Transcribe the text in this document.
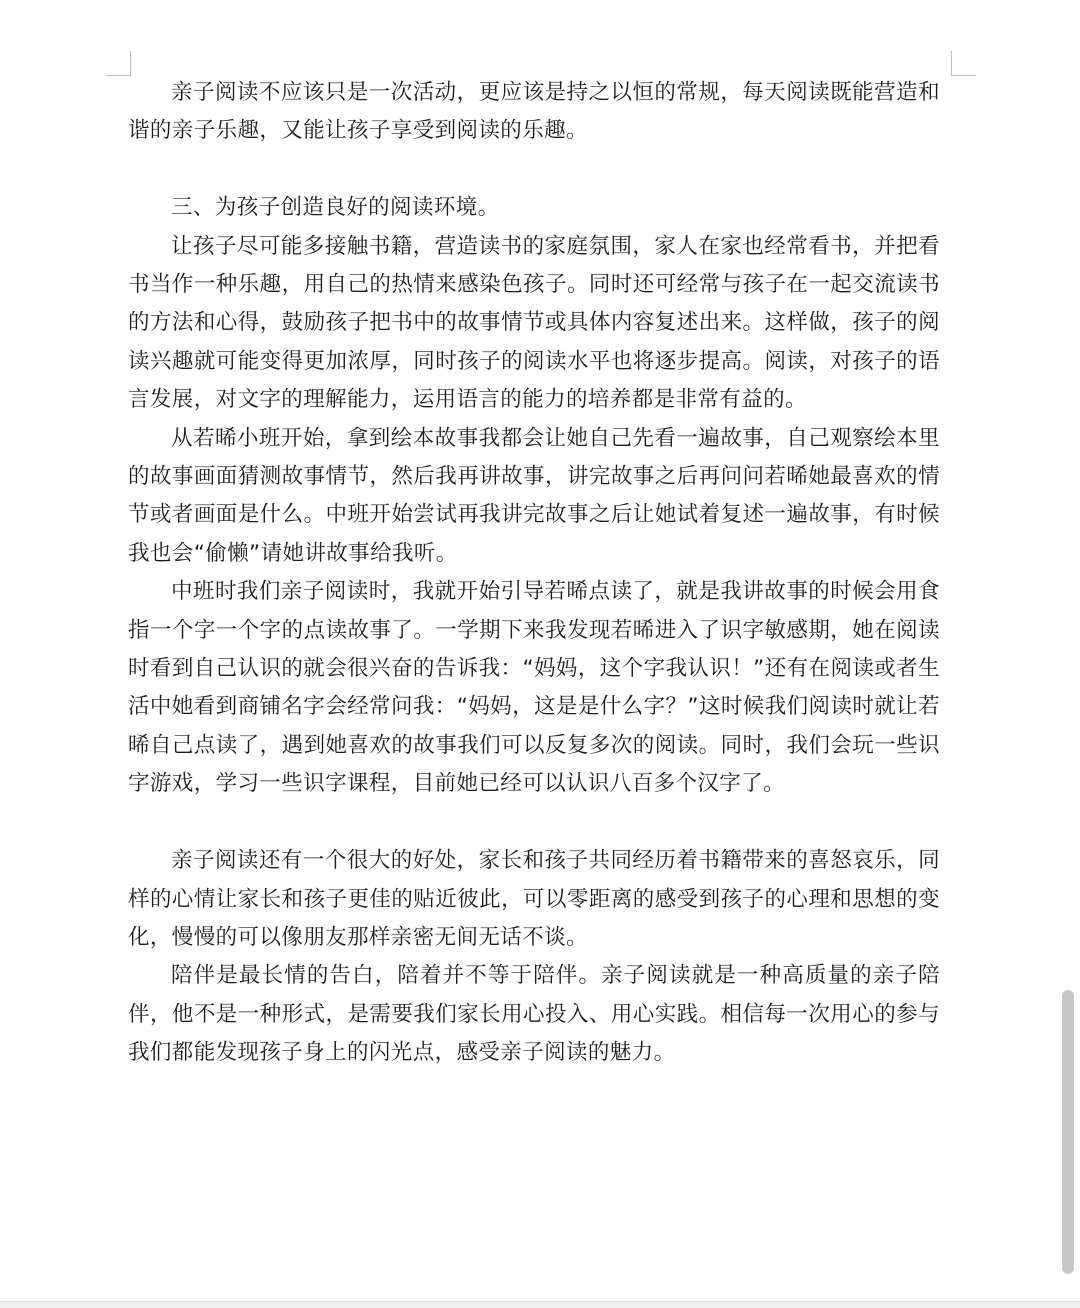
亲子阅读不应该只是一次活动，更应该是持之以恒的常规，每天阅读既能营造和谐的亲子乐趣，又能让孩子享受到阅读的乐趣。

三、为孩子创造良好的阅读环境。

让孩子尽可能多接触书籍，营造读书的家庭氛围，家人在家也经常看书，并把看书当作一种乐趣，用自己的热情来感染色孩子。同时还可经常与孩子在一起交流读书的方法和心得，鼓励孩子把书中的故事情节或具体内容复述出来。这样做，孩子的阅读兴趣就可能变得更加浓厚，同时孩子的阅读水平也将逐步提高。阅读，对孩子的语言发展，对文字的理解能力，运用语言的能力的培养都是非常有益的。

从若晞小班开始，拿到绘本故事我都会让她自己先看一遍故事，自己观察绘本里的故事画面猜测故事情节，然后我再讲故事，讲完故事之后再问问若晞她最喜欢的情节或者画面是什么。中班开始尝试再我讲完故事之后让她试着复述一遍故事，有时候我也会“偷懒”请她讲故事给我听。

中班时我们亲子阅读时，我就开始引导若晞点读了，就是我讲故事的时候会用食指一个字一个字的点读故事了。一学期下来我发现若晞进入了识字敏感期，她在阅读时看到自己认识的就会很兴奋的告诉我：“妈妈，这个字我认识！”还有在阅读或者生活中她看到商铺名字会经常问我：“妈妈，这是是什么字？”这时候我们阅读时就让若晞自己点读了，遇到她喜欢的故事我们可以反复多次的阅读。同时，我们会玩一些识字游戏，学习一些识字课程，目前她已经可以认识八百多个汉字了。

亲子阅读还有一个很大的好处，家长和孩子共同经历着书籍带来的喜怒哀乐，同样的心情让家长和孩子更佳的贴近彼此，可以零距离的感受到孩子的心理和思想的变化，慢慢的可以像朋友那样亲密无间无话不谈。

陪伴是最长情的告白，陪着并不等于陪伴。亲子阅读就是一种高质量的亲子陪伴，他不是一种形式，是需要我们家长用心投入、用心实践。相信每一次用心的参与我们都能发现孩子身上的闪光点，感受亲子阅读的魅力。
